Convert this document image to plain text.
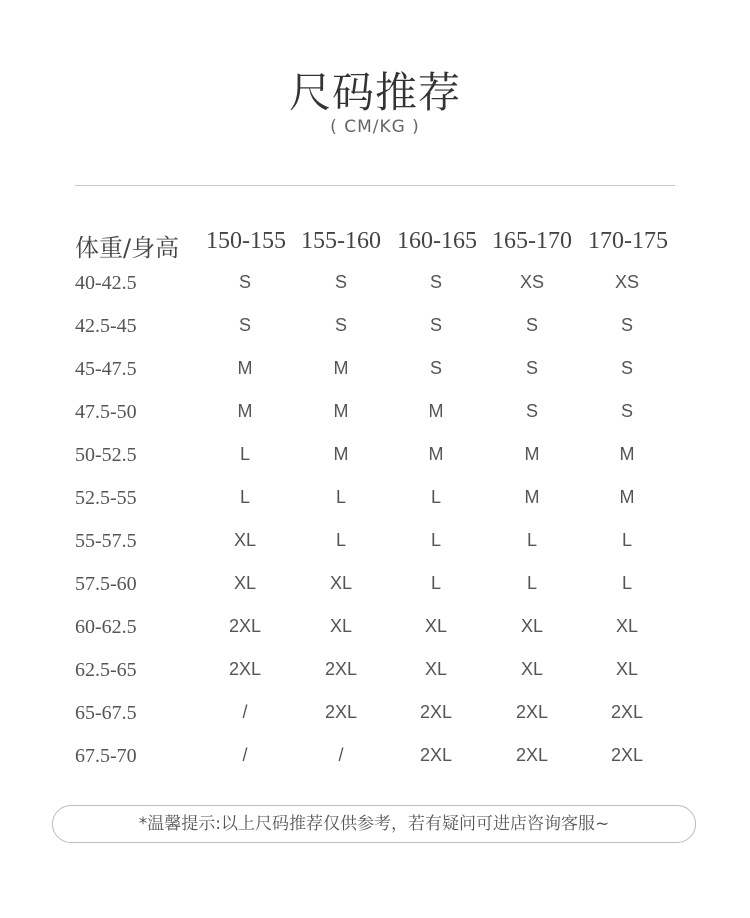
尺码推荐
( CM/KG )
体重/身高	150-155 155-160 160-165 165-170 170-175
40-42.5	S	S	S	XS	XS
42.5-45	S	S	S	S	S
45-47.5	M	M	S	S	S
47.5-50	M	M	M	S	S
50-52.5	L	M	M	M	M
52.5-55	L	L	L	M	M
55-57.5	XL	L	L	L	L
57.5-60	XL	XL	L	L	L
60-62.5	2XL	XL	XL	XL	XL
62.5-65	2XL	2XL	XL	XL	XL
65-67.5	/	2XL	2XL	2XL	2XL
67.5-70	/	/	2XL	2XL	2XL
*温馨提示:以上尺码推荐仅供参考，若有疑问可进店咨询客服~
